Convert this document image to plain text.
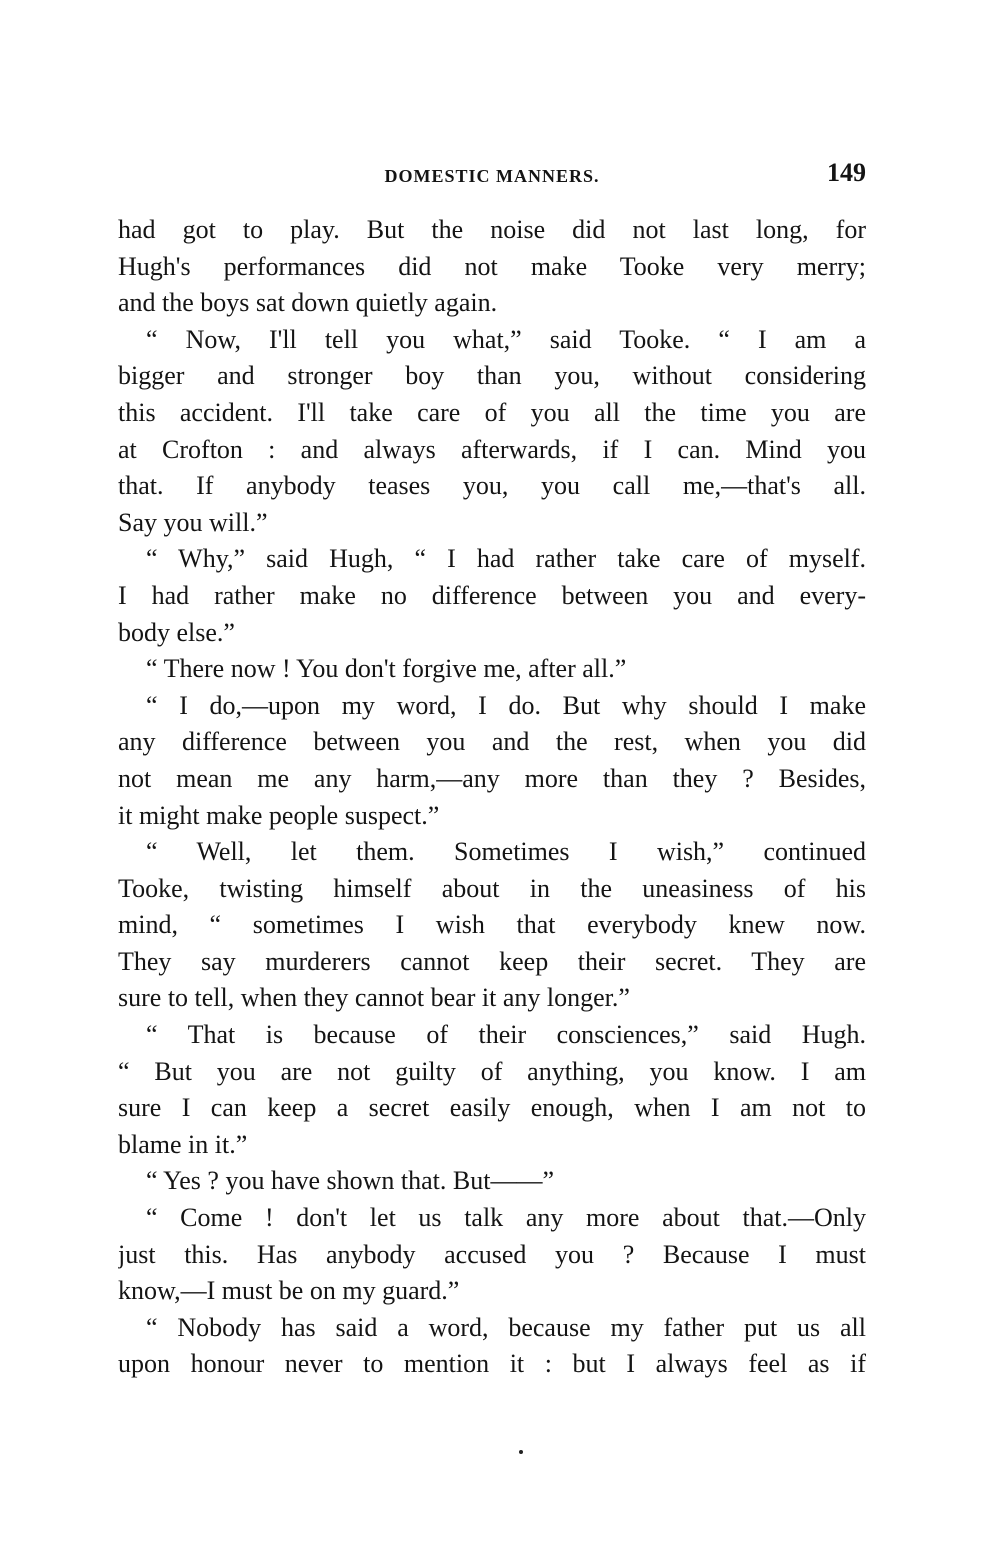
DOMESTIC MANNERS.	149
had got to play. But the noise did not last long, for
Hugh's performances did not make Tooke very merry;
and the boys sat down quietly again.
“ Now, I'll tell you what,” said Tooke. “ I am a
bigger and stronger boy than you, without considering
this accident. I'll take care of you all the time you are
at Crofton : and always afterwards, if I can. Mind you
that. If anybody teases you, you call me,—that's all.
Say you will.”
“ Why,” said Hugh, “ I had rather take care of myself.
I had rather make no difference between you and every-
body else.”
“ There now ! You don't forgive me, after all.”
“ I do,—upon my word, I do. But why should I make
any difference between you and the rest, when you did
not mean me any harm,—any more than they ? Besides,
it might make people suspect.”
“ Well, let them. Sometimes I wish,” continued
Tooke, twisting himself about in the uneasiness of his
mind, “ sometimes I wish that everybody knew now.
They say murderers cannot keep their secret. They are
sure to tell, when they cannot bear it any longer.”
“ That is because of their consciences,” said Hugh.
“ But you are not guilty of anything, you know. I am
sure I can keep a secret easily enough, when I am not to
blame in it.”
“ Yes ? you have shown that. But——”
“ Come ! don't let us talk any more about that.—Only
just this. Has anybody accused you ? Because I must
know,—I must be on my guard.”
“ Nobody has said a word, because my father put us all
upon honour never to mention it : but I always feel as if
